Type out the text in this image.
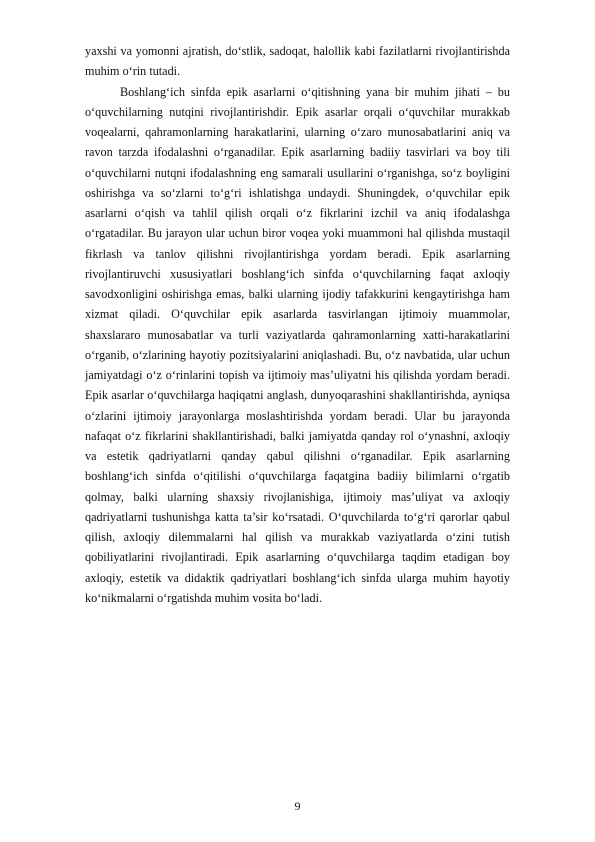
yaxshi va yomonni ajratish, do‘stlik, sadoqat, halollik kabi fazilatlarni rivojlantirishda muhim o‘rin tutadi.

Boshlang‘ich sinfda epik asarlarni o‘qitishning yana bir muhim jihati – bu o‘quvchilarning nutqini rivojlantirishdir. Epik asarlar orqali o‘quvchilar murakkab voqealarni, qahramonlarning harakatlarini, ularning o‘zaro munosabatlarini aniq va ravon tarzda ifodalashni o‘rganadilar. Epik asarlarning badiiy tasvirlari va boy tili o‘quvchilarni nutqni ifodalashning eng samarali usullarini o‘rganishga, so‘z boyligini oshirishga va so‘zlarni to‘g‘ri ishlatishga undaydi. Shuningdek, o‘quvchilar epik asarlarni o‘qish va tahlil qilish orqali o‘z fikrlarini izchil va aniq ifodalashga o‘rgatadilar. Bu jarayon ular uchun biror voqea yoki muammoni hal qilishda mustaqil fikrlash va tanlov qilishni rivojlantirishga yordam beradi. Epik asarlarning rivojlantiruvchi xususiyatlari boshlang‘ich sinfda o‘quvchilarning faqat axloqiy savodxonligini oshirishga emas, balki ularning ijodiy tafakkurini kengaytirishga ham xizmat qiladi. O‘quvchilar epik asarlarda tasvirlangan ijtimoiy muammolar, shaxslararo munosabatlar va turli vaziyatlarda qahramonlarning xatti-harakatlarini o‘rganib, o‘zlarining hayotiy pozitsiyalarini aniqlashadi. Bu, o‘z navbatida, ular uchun jamiyatdagi o‘z o‘rinlarini topish va ijtimoiy mas’uliyatni his qilishda yordam beradi. Epik asarlar o‘quvchilarga haqiqatni anglash, dunyoqarashini shakllantirishda, ayniqsa o‘zlarini ijtimoiy jarayonlarga moslashtirishda yordam beradi. Ular bu jarayonda nafaqat o‘z fikrlarini shakllantirishadi, balki jamiyatda qanday rol o‘ynashni, axloqiy va estetik qadriyatlarni qanday qabul qilishni o‘rganadilar. Epik asarlarning boshlang‘ich sinfda o‘qitilishi o‘quvchilarga faqatgina badiiy bilimlarni o‘rgatib qolmay, balki ularning shaxsiy rivojlanishiga, ijtimoiy mas’uliyat va axloqiy qadriyatlarni tushunishga katta ta’sir ko‘rsatadi. O‘quvchilarda to‘g‘ri qarorlar qabul qilish, axloqiy dilemmalarni hal qilish va murakkab vaziyatlarda o‘zini tutish qobiliyatlarini rivojlantiradi. Epik asarlarning o‘quvchilarga taqdim etadigan boy axloqiy, estetik va didaktik qadriyatlari boshlang‘ich sinfda ularga muhim hayotiy ko‘nikmalarni o‘rgatishda muhim vosita bo‘ladi.

9
